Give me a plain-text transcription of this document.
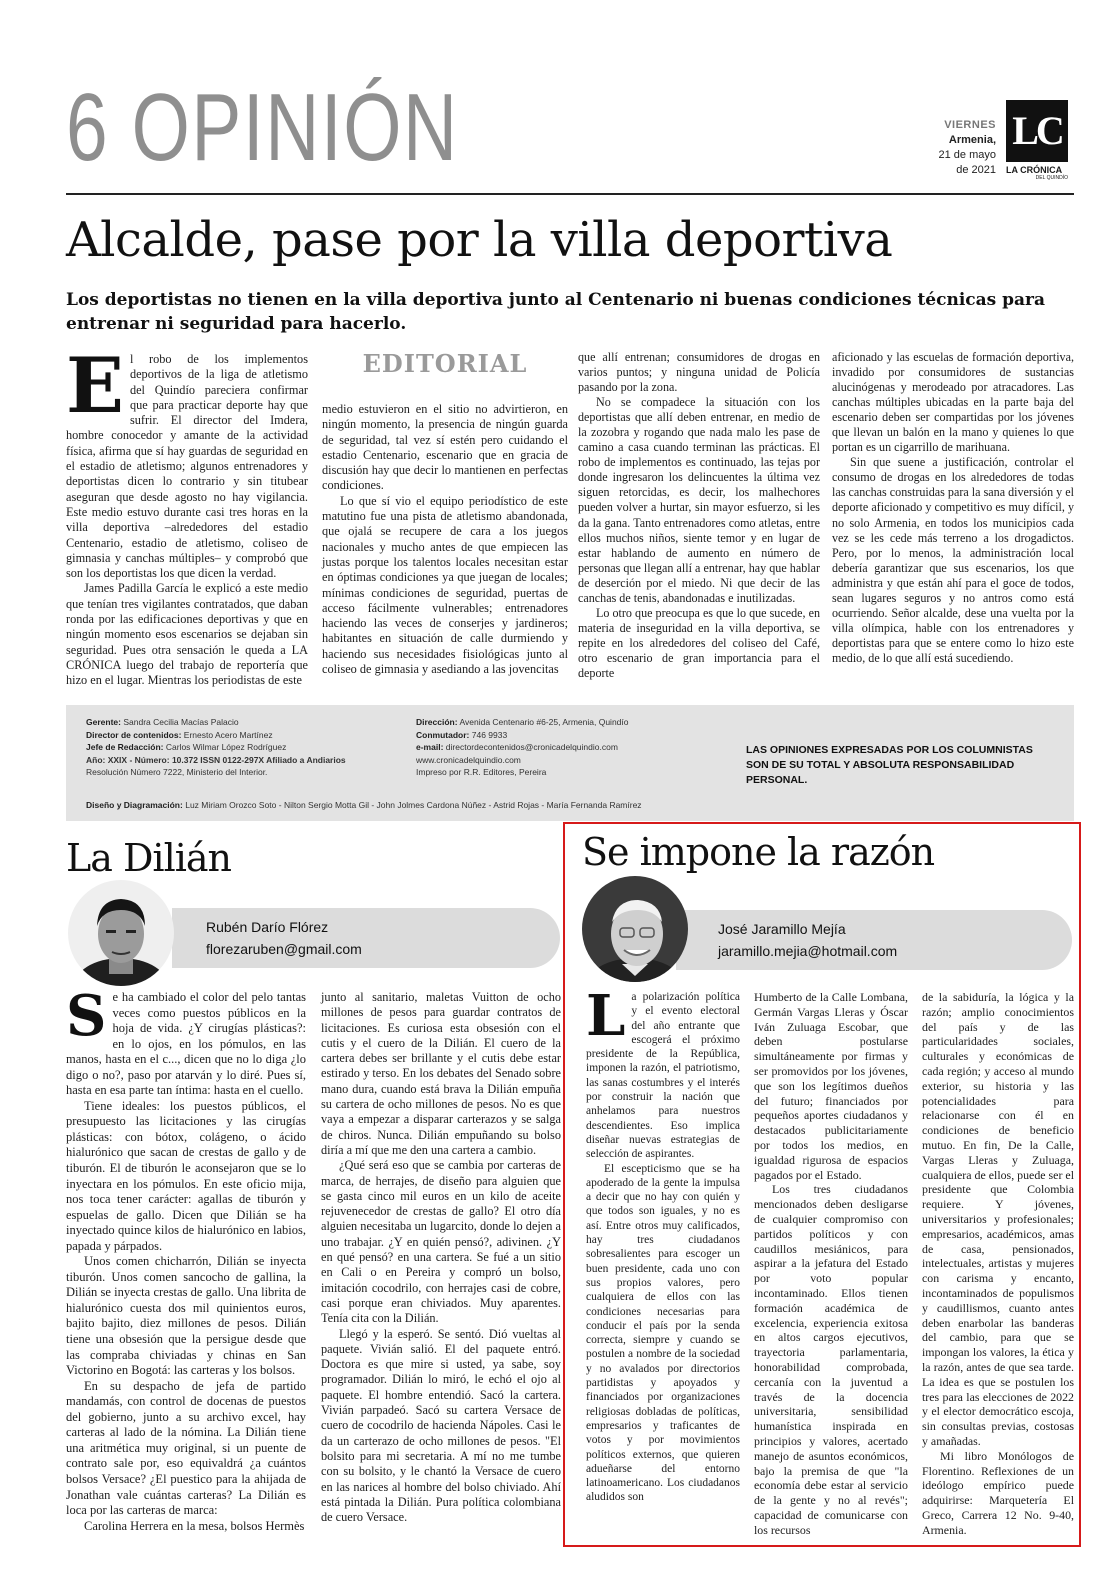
6 OPINIÓN	VIERNES
Armenia,
21 de mayo
de 2021
LC
LA CRÓNICA
DEL QUINDÍO
Alcalde, pase por la villa deportiva
Los deportistas no tienen en la villa deportiva junto al Centenario ni buenas condiciones técnicas para entrenar ni seguridad para hacerlo.

El robo de los implementos deportivos de la liga de atletismo del Quindío pareciera confirmar que para practicar deporte hay que sufrir. El director del Imdera, hombre conocedor y amante de la actividad física, afirma que sí hay guardas de seguridad en el estadio de atletismo; algunos entrenadores y deportistas dicen lo contrario y sin titubear aseguran que desde agosto no hay vigilancia. Este medio estuvo durante casi tres horas en la villa deportiva –alrededores del estadio Centenario, estadio de atletismo, coliseo de gimnasia y canchas múltiples– y comprobó que son los deportistas los que dicen la verdad.

James Padilla García le explicó a este medio que tenían tres vigilantes contratados, que daban ronda por las edificaciones deportivas y que en ningún momento esos escenarios se dejaban sin seguridad. Pues otra sensación le queda a LA CRÓNICA luego del trabajo de reportería que hizo en el lugar. Mientras los periodistas de este

EDITORIAL

medio estuvieron en el sitio no advirtieron, en ningún momento, la presencia de ningún guarda de seguridad, tal vez sí estén pero cuidando el estadio Centenario, escenario que en gracia de discusión hay que decir lo mantienen en perfectas condiciones.

Lo que sí vio el equipo periodístico de este matutino fue una pista de atletismo abandonada, que ojalá se recupere de cara a los juegos nacionales y mucho antes de que empiecen las justas porque los talentos locales necesitan estar en óptimas condiciones ya que juegan de locales; mínimas condiciones de seguridad, puertas de acceso fácilmente vulnerables; entrenadores haciendo las veces de conserjes y jardineros; habitantes en situación de calle durmiendo y haciendo sus necesidades fisiológicas junto al coliseo de gimnasia y asediando a las jovencitas

que allí entrenan; consumidores de drogas en varios puntos; y ninguna unidad de Policía pasando por la zona.

No se compadece la situación con los deportistas que allí deben entrenar, en medio de la zozobra y rogando que nada malo les pase de camino a casa cuando terminan las prácticas. El robo de implementos es continuado, las tejas por donde ingresaron los delincuentes la última vez siguen retorcidas, es decir, los malhechores pueden volver a hurtar, sin mayor esfuerzo, si les da la gana. Tanto entrenadores como atletas, entre ellos muchos niños, siente temor y en lugar de estar hablando de aumento en número de personas que llegan allí a entrenar, hay que hablar de deserción por el miedo. Ni que decir de las canchas de tenis, abandonadas e inutilizadas.

Lo otro que preocupa es que lo que sucede, en materia de inseguridad en la villa deportiva, se repite en los alrededores del coliseo del Café, otro escenario de gran importancia para el deporte

aficionado y las escuelas de formación deportiva, invadido por consumidores de sustancias alucinógenas y merodeado por atracadores. Las canchas múltiples ubicadas en la parte baja del escenario deben ser compartidas por los jóvenes que llevan un balón en la mano y quienes lo que portan es un cigarrillo de marihuana.

Sin que suene a justificación, controlar el consumo de drogas en los alrededores de todas las canchas construidas para la sana diversión y el deporte aficionado y competitivo es muy difícil, y no solo Armenia, en todos los municipios cada vez se les cede más terreno a los drogadictos. Pero, por lo menos, la administración local debería garantizar que sus escenarios, los que administra y que están ahí para el goce de todos, sean lugares seguros y no antros como está ocurriendo. Señor alcalde, dese una vuelta por la villa olímpica, hable con los entrenadores y deportistas para que se entere como lo hizo este medio, de lo que allí está sucediendo.

Gerente: Sandra Cecilia Macías Palacio
Director de contenidos: Ernesto Acero Martínez
Jefe de Redacción: Carlos Wilmar López Rodríguez
Año: XXIX - Número: 10.372 ISSN 0122-297X Afiliado a Andiarios
Resolución Número 7222, Ministerio del Interior.
Dirección: Avenida Centenario #6-25, Armenia, Quindío
Conmutador: 746 9933
e-mail: directordecontenidos@cronicadelquindio.com
www.cronicadelquindio.com
Impreso por R.R. Editores, Pereira
LAS OPINIONES EXPRESADAS POR LOS COLUMNISTAS SON DE SU TOTAL Y ABSOLUTA RESPONSABILIDAD PERSONAL.
Diseño y Diagramación: Luz Miriam Orozco Soto - Nilton Sergio Motta Gil - John Jolmes Cardona Núñez - Astrid Rojas - María Fernanda Ramírez
La Dilián
Rubén Darío Flórez
florezaruben@gmail.com

Se ha cambiado el color del pelo tantas veces como puestos públicos en la hoja de vida. ¿Y cirugías plásticas?: en lo ojos, en los pómulos, en las manos, hasta en el c..., dicen que no lo diga ¿lo digo o no?, paso por atarván y lo diré. Pues sí, hasta en esa parte tan íntima: hasta en el cuello.

Tiene ideales: los puestos públicos, el presupuesto las licitaciones y las cirugías plásticas: con bótox, colágeno, o ácido hialurónico que sacan de crestas de gallo y de tiburón. El de tiburón le aconsejaron que se lo inyectara en los pómulos. En este oficio mija, nos toca tener carácter: agallas de tiburón y espuelas de gallo. Dicen que Dilián se ha inyectado quince kilos de hialurónico en labios, papada y párpados.

Unos comen chicharrón, Dilián se inyecta tiburón. Unos comen sancocho de gallina, la Dilián se inyecta crestas de gallo. Una librita de hialurónico cuesta dos mil quinientos euros, bajito bajito, diez millones de pesos. Dilián tiene una obsesión que la persigue desde que las compraba chiviadas y chinas en San Victorino en Bogotá: las carteras y los bolsos.

En su despacho de jefa de partido mandamás, con control de docenas de puestos del gobierno, junto a su archivo excel, hay carteras al lado de la nómina. La Dilián tiene una aritmética muy original, si un puente de contrato sale por, eso equivaldrá ¿a cuántos bolsos Versace? ¿El puestico para la ahijada de Jonathan vale cuántas carteras? La Dilián es loca por las carteras de marca:

Carolina Herrera en la mesa, bolsos Hermès

junto al sanitario, maletas Vuitton de ocho millones de pesos para guardar contratos de licitaciones. Es curiosa esta obsesión con el cutis y el cuero de la Dilián. El cuero de la cartera debes ser brillante y el cutis debe estar estirado y terso. En los debates del Senado sobre mano dura, cuando está brava la Dilián empuña su cartera de ocho millones de pesos. No es que vaya a empezar a disparar carterazos y se salga de chiros. Nunca. Dilián empuñando su bolso diría a mí que me den una cartera a cambio.

¿Qué será eso que se cambia por carteras de marca, de herrajes, de diseño para alguien que se gasta cinco mil euros en un kilo de aceite rejuvenecedor de crestas de gallo? El otro día alguien necesitaba un lugarcito, donde lo dejen a uno trabajar. ¿Y en quién pensó?, adivinen. ¿Y en qué pensó? en una cartera. Se fué a un sitio en Cali o en Pereira y compró un bolso, imitación cocodrilo, con herrajes casi de cobre, casi porque eran chiviados. Muy aparentes. Tenía cita con la Dilián.

Llegó y la esperó. Se sentó. Dió vueltas al paquete. Vivián salió. El del paquete entró. Doctora es que mire si usted, ya sabe, soy programador. Dilián lo miró, le echó el ojo al paquete. El hombre entendió. Sacó la cartera. Vivián parpadeó. Sacó su cartera Versace de cuero de cocodrilo de hacienda Nápoles. Casi le da un carterazo de ocho millones de pesos. "El bolsito para mi secretaria. A mí no me tumbe con su bolsito, y le chantó la Versace de cuero en las narices al hombre del bolso chiviado. Ahí está pintada la Dilián. Pura política colombiana de cuero Versace.

Se impone la razón
José Jaramillo Mejía
jaramillo.mejia@hotmail.com

La polarización política y el evento electoral del año entrante que escogerá el próximo presidente de la República, imponen la razón, el patriotismo, las sanas costumbres y el interés por construir la nación que anhelamos para nuestros descendientes. Eso implica diseñar nuevas estrategias de selección de aspirantes.

El escepticismo que se ha apoderado de la gente la impulsa a decir que no hay con quién y que todos son iguales, y no es así. Entre otros muy calificados, hay tres ciudadanos sobresalientes para escoger un buen presidente, cada uno con sus propios valores, pero cualquiera de ellos con las condiciones necesarias para conducir el país por la senda correcta, siempre y cuando se postulen a nombre de la sociedad y no avalados por directorios partidistas y apoyados y financiados por organizaciones religiosas dobladas de políticas, empresarios y traficantes de votos y por movimientos políticos externos, que quieren adueñarse del entorno latinoamericano. Los ciudadanos aludidos son

Humberto de la Calle Lombana, Germán Vargas Lleras y Óscar Iván Zuluaga Escobar, que deben postularse simultáneamente por firmas y ser promovidos por los jóvenes, que son los legítimos dueños del futuro; financiados por pequeños aportes ciudadanos y destacados publicitariamente por todos los medios, en igualdad rigurosa de espacios pagados por el Estado.

Los tres ciudadanos mencionados deben desligarse de cualquier compromiso con partidos políticos y con caudillos mesiánicos, para aspirar a la jefatura del Estado por voto popular incontaminado. Ellos tienen formación académica de excelencia, experiencia exitosa en altos cargos ejecutivos, trayectoria parlamentaria, honorabilidad comprobada, cercanía con la juventud a través de la docencia universitaria, sensibilidad humanística inspirada en principios y valores, acertado manejo de asuntos económicos, bajo la premisa de que "la economía debe estar al servicio de la gente y no al revés"; capacidad de comunicarse con los recursos

de la sabiduría, la lógica y la razón; amplio conocimientos del país y de las particularidades sociales, culturales y económicas de cada región; y acceso al mundo exterior, su historia y las potencialidades para relacionarse con él en condiciones de beneficio mutuo. En fin, De la Calle, Vargas Lleras y Zuluaga, cualquiera de ellos, puede ser el presidente que Colombia requiere. Y jóvenes, universitarios y profesionales; empresarios, académicos, amas de casa, pensionados, intelectuales, artistas y mujeres con carisma y encanto, incontaminados de populismos y caudillismos, cuanto antes deben enarbolar las banderas del cambio, para que se impongan los valores, la ética y la razón, antes de que sea tarde. La idea es que se postulen los tres para las elecciones de 2022 y el elector democrático escoja, sin consultas previas, costosas y amañadas.

Mi libro Monólogos de Florentino. Reflexiones de un ideólogo empírico puede adquirirse: Marquetería El Greco, Carrera 12 No. 9-40, Armenia.
